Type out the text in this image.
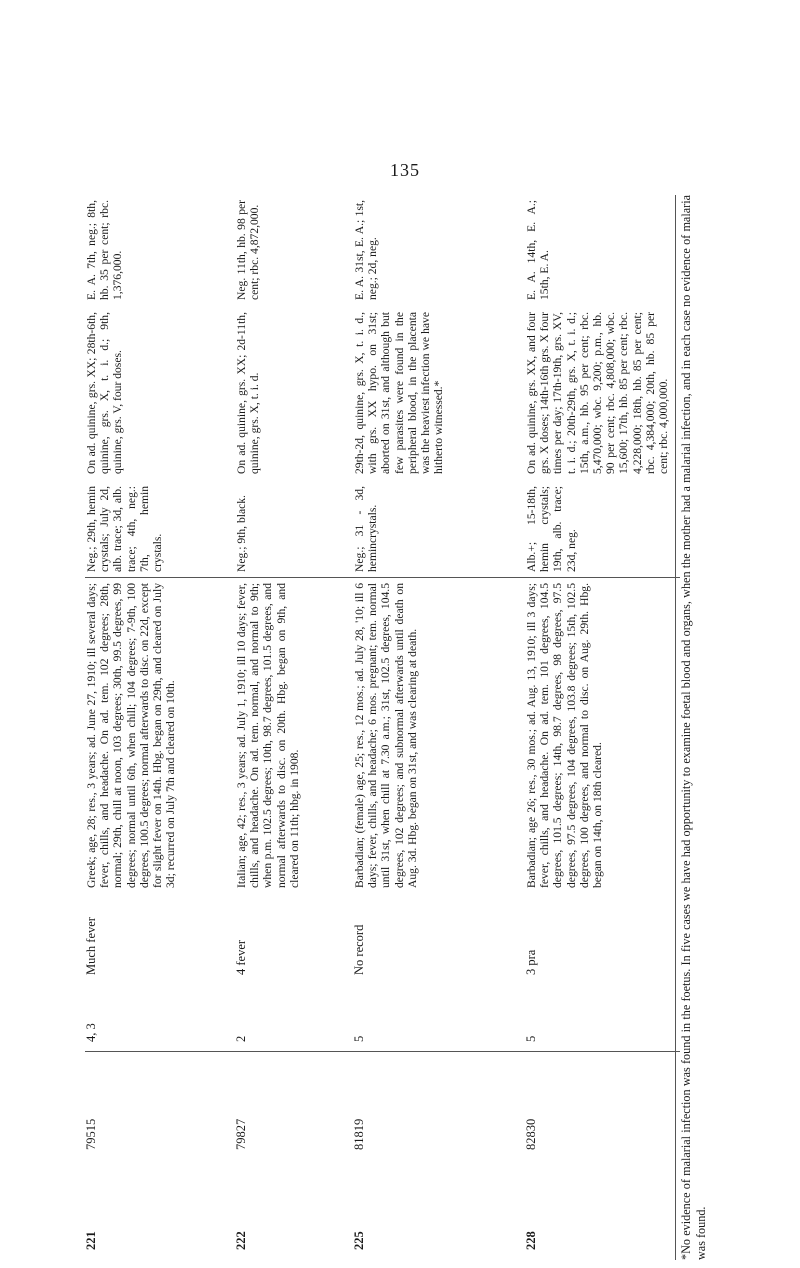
135
221
79515
4, 3
Much fever
Greek; age, 28; res., 3 years; ad. June 27, 1910; ill several days; fever, chills, and headache. On ad. tem. 102 degrees; 28th, normal; 29th, chill at noon, 103 degrees; 30th, 99.5 degrees, 99 degrees; normal until 6th, when chill; 104 degrees; 7-9th, 100 degrees, 100.5 degrees; normal afterwards to disc. on 22d, except for slight fever on 14th. Hbg. began on 29th, and cleared on July 3d; recurred on July 7th and cleared on 10th.
Neg.; 29th, hemin crystals; July 2d, alb. trace; 3d, alb. trace; 4th, neg.: 7th, hemin crystals.
On ad. quinine, grs. XX; 28th-6th, quinine, grs. X, t. i. d.; 9th, quinine, grs. V, four doses.
E. A. 7th, neg.; 8th, hb. 35 per cent; rbc. 1,376,000.
222
79827
2
4 fever
Italian; age, 42; res., 3 years; ad. July 1, 1910; ill 10 days; fever, chills, and headache. On ad. tem. normal, and normal to 9th; when p.m. 102.5 degrees; 10th, 98.7 degrees, 101.5 degrees, and normal afterwards to disc. on 20th. Hbg. began on 9th, and cleared on 11th; hbg. in 1908.
Neg.; 9th, black.
On ad. quinine, grs. XX; 2d-11th, quinine, grs. X, t. i. d.
Neg. 11th, hb. 98 per cent; rbc. 4,872,000.
225
81819
5
No record
Barbadian; (female) age, 25; res., 12 mos.; ad. July 28, '10; ill 6 days; fever, chills, and headache; 6 mos. pregnant; tem. normal until 31st, when chill at 7.30 a.m.; 31st, 102.5 degrees, 104.5 degrees, 102 degrees; and subnormal afterwards until death on Aug. 3d. Hbg. began on 31st, and was clearing at death.
Neg.; 31 - 3d, hemincrystals.
29th-2d, quinine, grs. X, t. i. d., with grs. XX hypo. on 31st; aborted on 31st, and although but few parasites were found in the peripheral blood, in the placenta was the heaviest infection we have hitherto witnessed.*
E. A. 31st, E. A.; 1st, neg.; 2d, neg.
228
82830
5
3 pra
Barbadian; age 26; res., 30 mos.; ad. Aug. 13, 1910; ill 3 days; fever, chills, and headache. On ad. tem. 101 degrees, 104.5 degrees, 101.5 degrees; 14th, 98.7 degrees, 98 degrees, 97.5 degrees, 97.5 degrees, 104 degrees, 103.8 degrees; 15th, 102.5 degrees, 100 degrees, and normal to disc. on Aug. 29th. Hbg. began on 14th, on 18th cleared.
Alb.+; 15-18th, hemin crystals; 19th, alb. trace; 23d, neg.
On ad. quinine, grs. XX, and four grs. X doses; 14th-16th grs. X four times per day; 17th-19th, grs. XV, t. i. d.; 20th-29th, grs. X, t. i. d.; 15th, a.m., hb. 95 per cent; rbc. 5,470,000; wbc. 9,200; p.m., hb. 90 per cent; rbc. 4,808,000; wbc. 15,600; 17th, hb. 85 per cent; rbc. 4,228,000; 18th, hb. 85 per cent; rbc. 4,384,000; 20th, hb. 85 per cent; rbc. 4,000,000.
E. A. 14th, E. A.; 15th, E. A.	*No evidence of malarial infection was found in the foetus. In five cases we have had opportunity to examine foetal blood and organs, when the mother had a malarial infection, and in each case no evidence of malaria was found.
